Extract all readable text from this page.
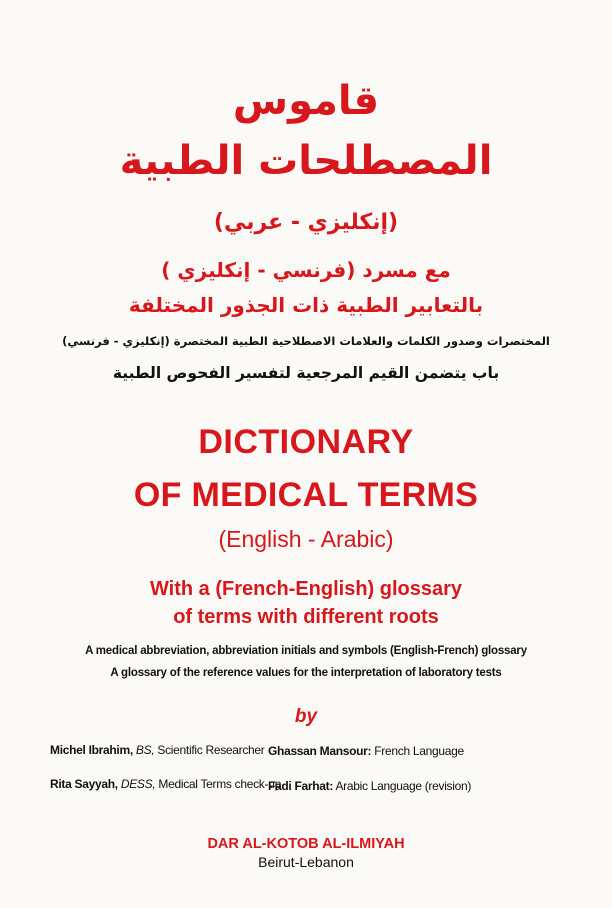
قاموس
المصطلحات الطبية
(إنكليزي - عربي)
مع مسرد (فرنسي - إنكليزي )
بالتعابير الطبية ذات الجذور المختلفة
المختصرات وصدور الكلمات والعلامات الاصطلاحية الطبية المختصرة (إنكليزي - فرنسي)
باب يتضمن القيم المرجعية لتفسير الفحوص الطبية
DICTIONARY
OF MEDICAL TERMS
(English - Arabic)
With a (French-English) glossary
of terms with different roots
A medical abbreviation, abbreviation initials and symbols (English-French) glossary
A glossary of the reference values for the interpretation of laboratory tests
by
Michel Ibrahim, BS, Scientific Researcher Ghassan Mansour: French Language
Rita Sayyah, DESS, Medical Terms check-up
Fadi Farhat: Arabic Language (revision)
DAR AL-KOTOB AL-ILMIYAH
Beirut-Lebanon
